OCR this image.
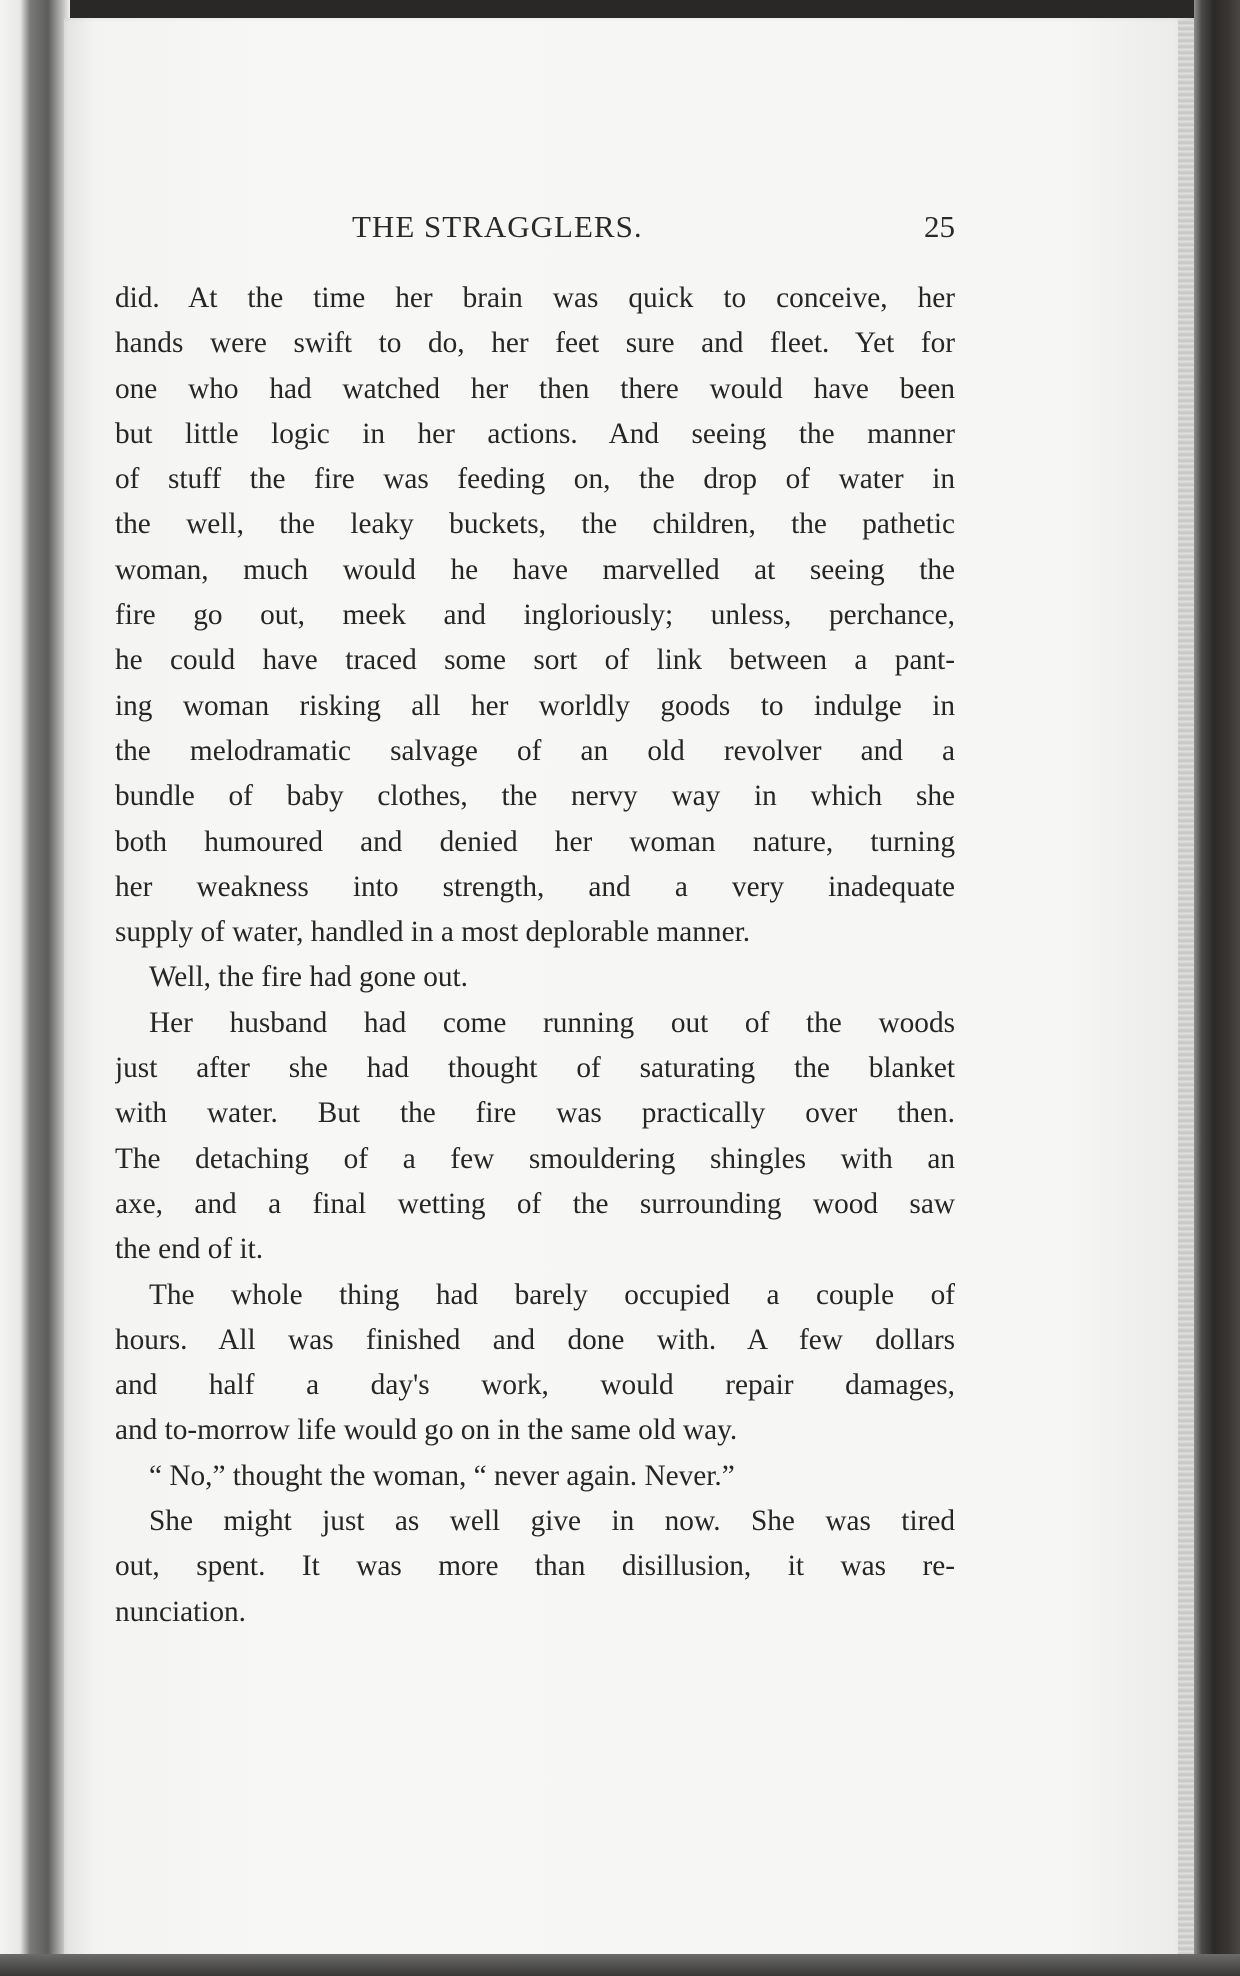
THE STRAGGLERS.	25

did. At the time her brain was quick to conceive, her
hands were swift to do, her feet sure and fleet. Yet for
one who had watched her then there would have been
but little logic in her actions. And seeing the manner
of stuff the fire was feeding on, the drop of water in
the well, the leaky buckets, the children, the pathetic
woman, much would he have marvelled at seeing the
fire go out, meek and ingloriously; unless, perchance,
he could have traced some sort of link between a pant-
ing woman risking all her worldly goods to indulge in
the melodramatic salvage of an old revolver and a
bundle of baby clothes, the nervy way in which she
both humoured and denied her woman nature, turning
her weakness into strength, and a very inadequate
supply of water, handled in a most deplorable manner.

Well, the fire had gone out.

Her husband had come running out of the woods
just after she had thought of saturating the blanket
with water. But the fire was practically over then.
The detaching of a few smouldering shingles with an
axe, and a final wetting of the surrounding wood saw
the end of it.

The whole thing had barely occupied a couple of
hours. All was finished and done with. A few dollars
and half a day's work, would repair damages,
and to-morrow life would go on in the same old way.

“ No,” thought the woman, “ never again. Never.”

She might just as well give in now. She was tired
out, spent. It was more than disillusion, it was re-
nunciation.
